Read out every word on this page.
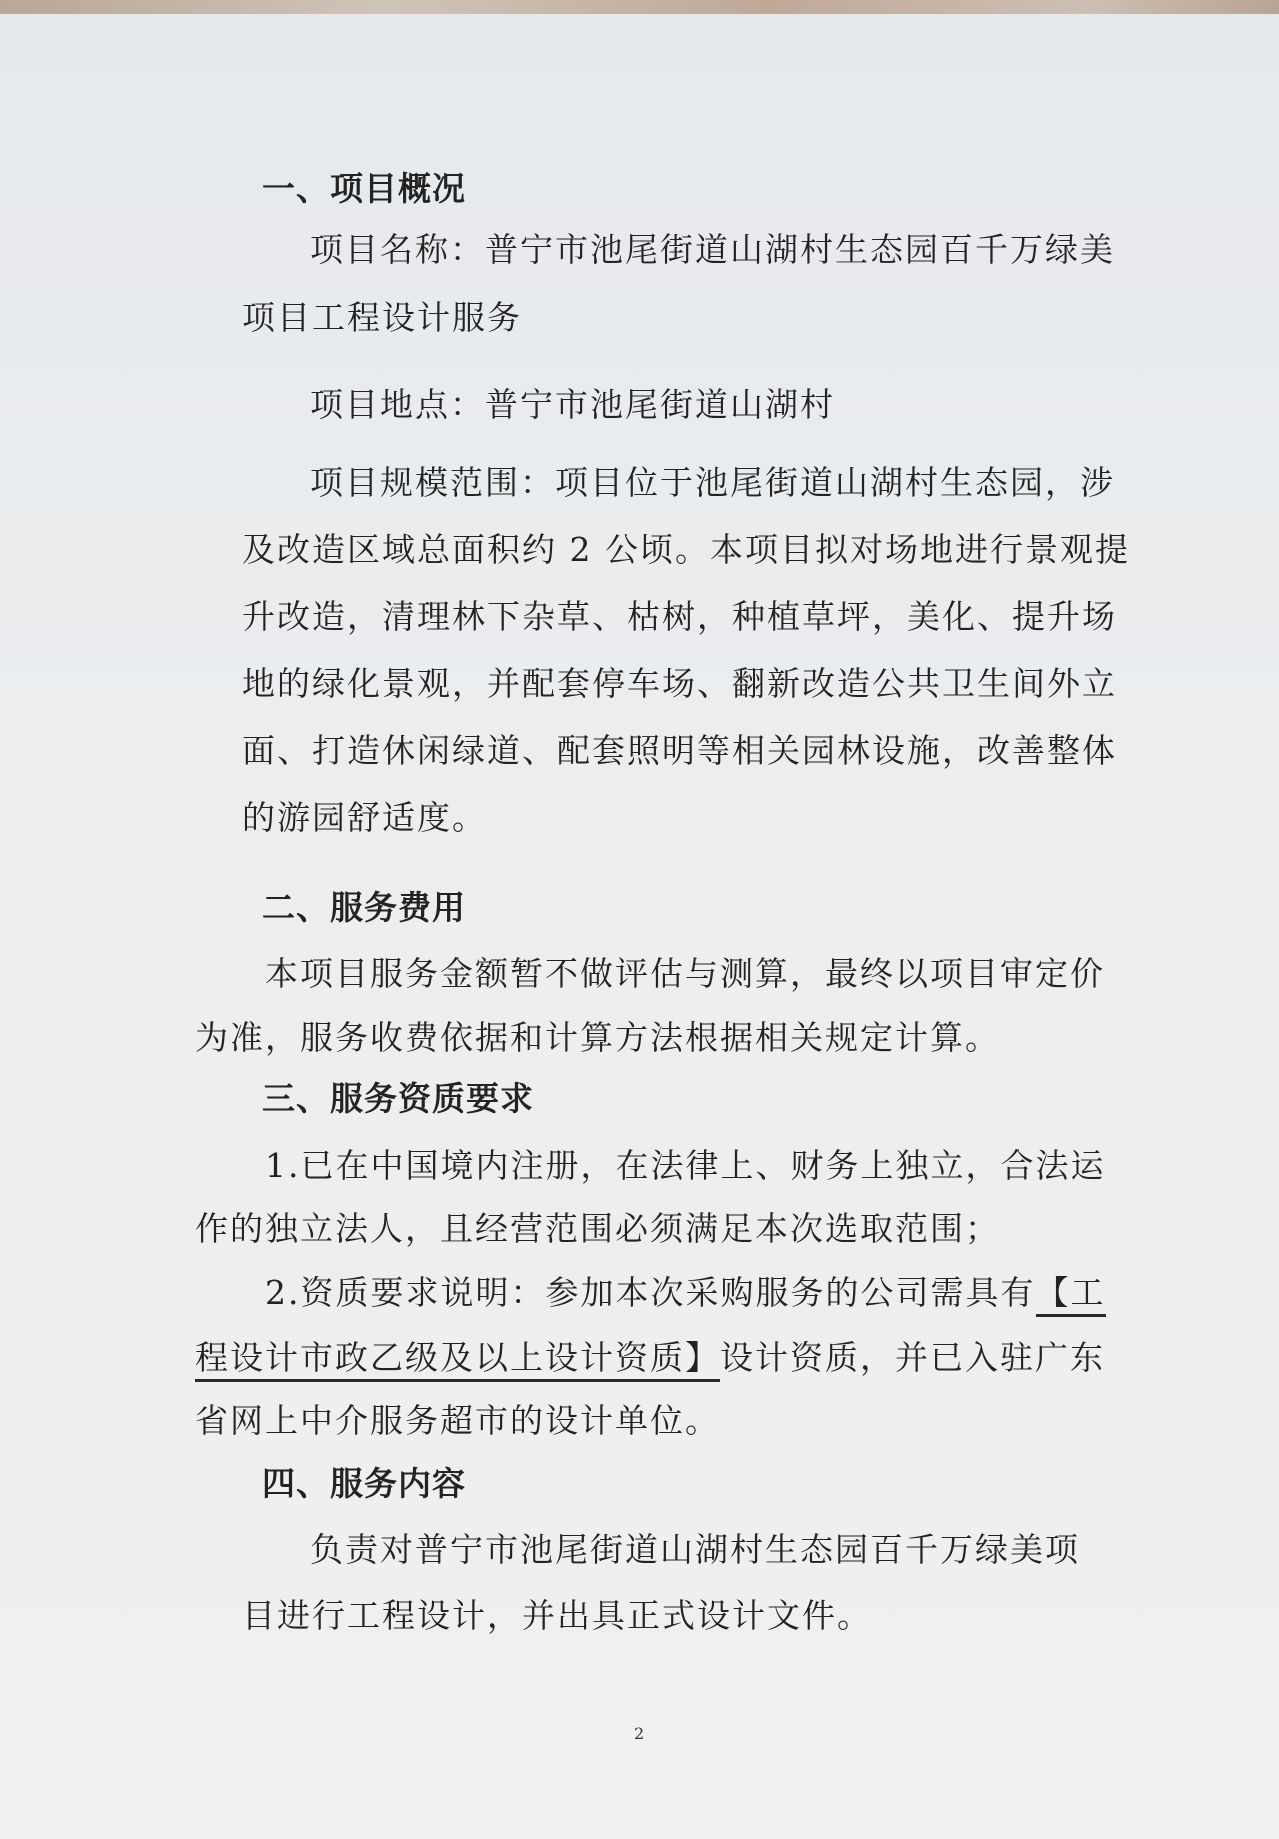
一、项目概况
项目名称：普宁市池尾街道山湖村生态园百千万绿美
项目工程设计服务
项目地点：普宁市池尾街道山湖村
项目规模范围：项目位于池尾街道山湖村生态园，涉
及改造区域总面积约 2 公顷。本项目拟对场地进行景观提
升改造，清理林下杂草、枯树，种植草坪，美化、提升场
地的绿化景观，并配套停车场、翻新改造公共卫生间外立
面、打造休闲绿道、配套照明等相关园林设施，改善整体
的游园舒适度。
二、服务费用
本项目服务金额暂不做评估与测算，最终以项目审定价
为准，服务收费依据和计算方法根据相关规定计算。
三、服务资质要求
1.已在中国境内注册，在法律上、财务上独立，合法运
作的独立法人，且经营范围必须满足本次选取范围；
2.资质要求说明：参加本次采购服务的公司需具有【工
程设计市政乙级及以上设计资质】设计资质，并已入驻广东
省网上中介服务超市的设计单位。
四、服务内容
负责对普宁市池尾街道山湖村生态园百千万绿美项
目进行工程设计，并出具正式设计文件。
2
